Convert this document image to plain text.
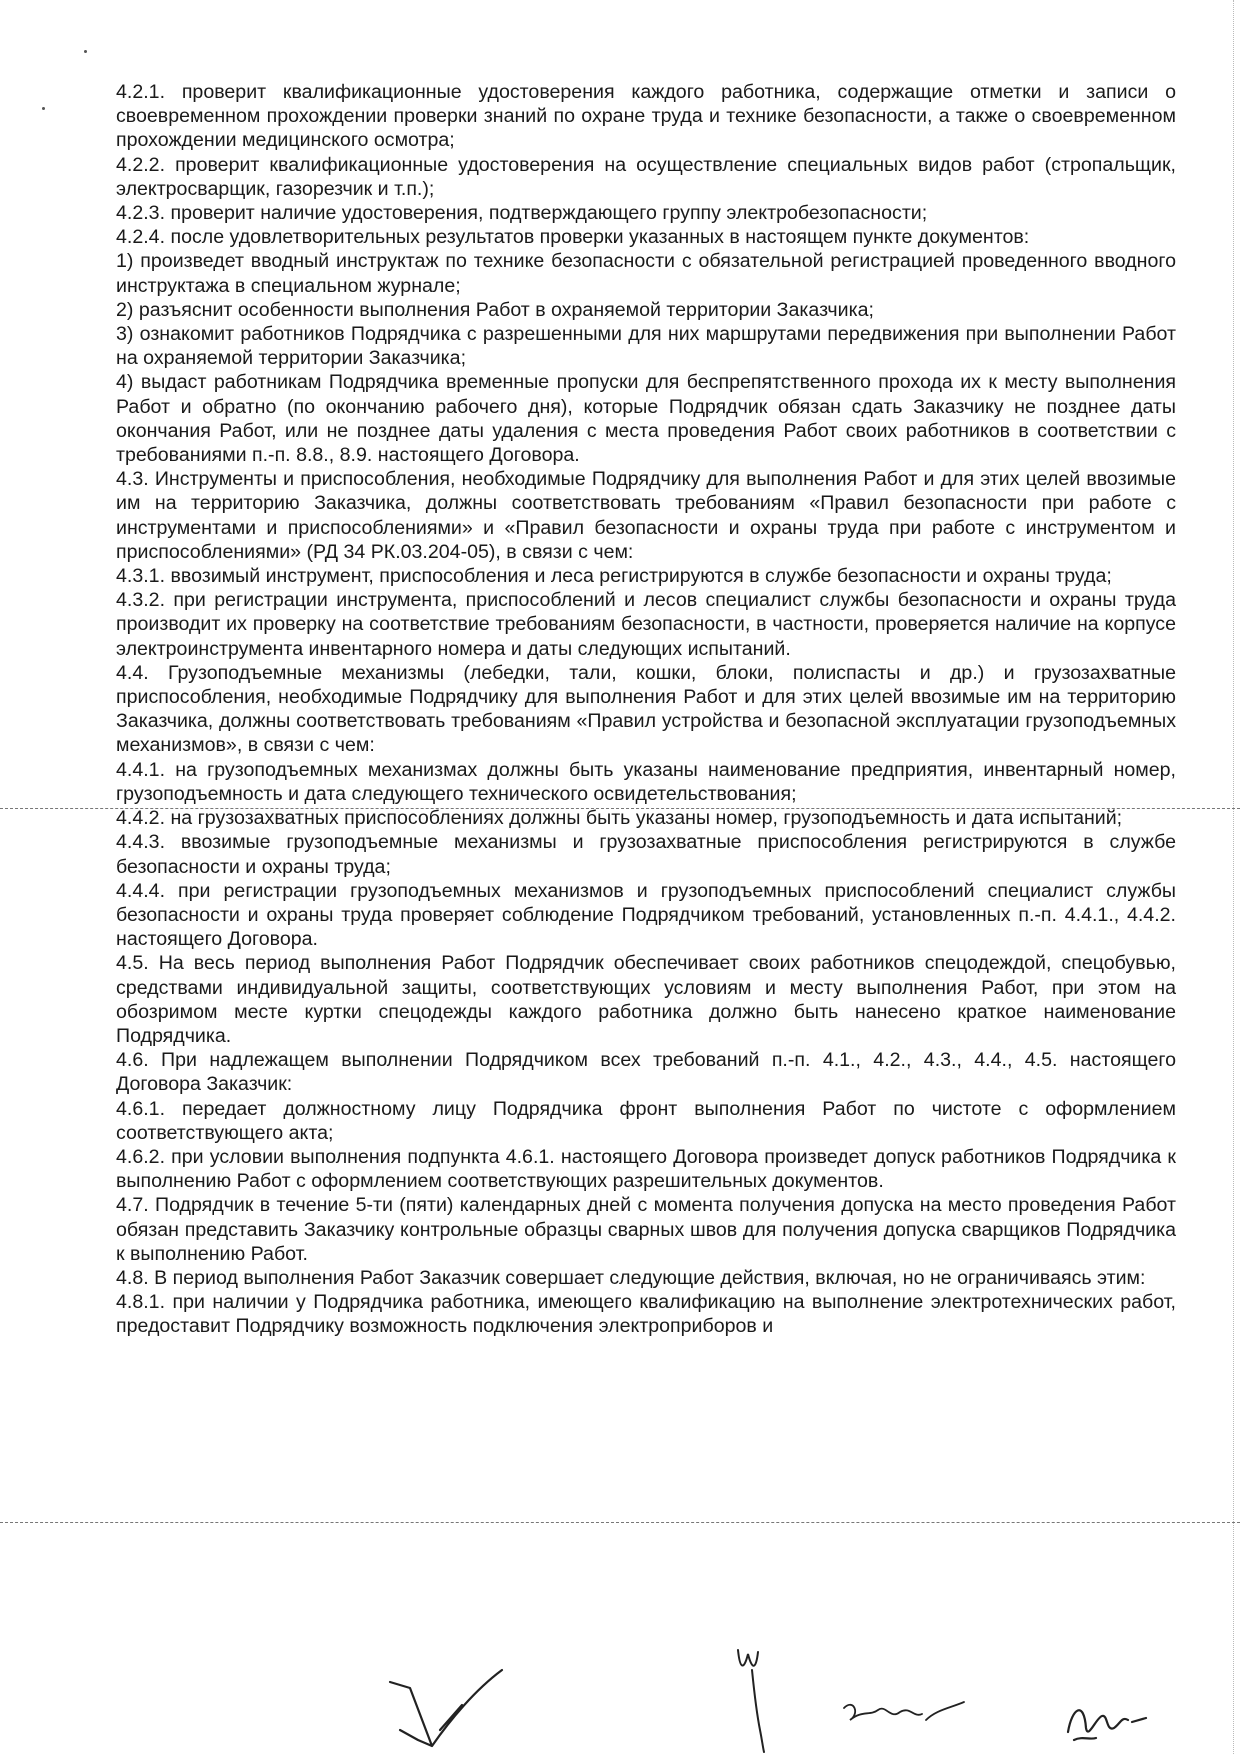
4.2.1. проверит квалификационные удостоверения каждого работника, содержащие отметки и записи о своевременном прохождении проверки знаний по охране труда и технике безопасности, а также о своевременном прохождении медицинского осмотра;

4.2.2. проверит квалификационные удостоверения на осуществление специальных видов работ (стропальщик, электросварщик, газорезчик и т.п.);

4.2.3. проверит наличие удостоверения, подтверждающего группу электробезопасности;

4.2.4. после удовлетворительных результатов проверки указанных в настоящем пункте документов:

1) произведет вводный инструктаж по технике безопасности с обязательной регистрацией проведенного вводного инструктажа в специальном журнале;

2) разъяснит особенности выполнения Работ в охраняемой территории Заказчика;

3) ознакомит работников Подрядчика с разрешенными для них маршрутами передвижения при выполнении Работ на охраняемой территории Заказчика;

4) выдаст работникам Подрядчика временные пропуски для беспрепятственного прохода их к месту выполнения Работ и обратно (по окончанию рабочего дня), которые Подрядчик обязан сдать Заказчику не позднее даты окончания Работ, или не позднее даты удаления с места проведения Работ своих работников в соответствии с требованиями п.-п. 8.8., 8.9. настоящего Договора.

4.3. Инструменты и приспособления, необходимые Подрядчику для выполнения Работ и для этих целей ввозимые им на территорию Заказчика, должны соответствовать требованиям «Правил безопасности при работе с инструментами и приспособлениями» и «Правил безопасности и охраны труда при работе с инструментом и приспособлениями» (РД 34 РК.03.204-05), в связи с чем:

4.3.1. ввозимый инструмент, приспособления и леса регистрируются в службе безопасности и охраны труда;

4.3.2. при регистрации инструмента, приспособлений и лесов специалист службы безопасности и охраны труда производит их проверку на соответствие требованиям безопасности, в частности, проверяется наличие на корпусе электроинструмента инвентарного номера и даты следующих испытаний.

4.4. Грузоподъемные механизмы (лебедки, тали, кошки, блоки, полиспасты и др.) и грузозахватные приспособления, необходимые Подрядчику для выполнения Работ и для этих целей ввозимые им на территорию Заказчика, должны соответствовать требованиям «Правил устройства и безопасной эксплуатации грузоподъемных механизмов», в связи с чем:

4.4.1. на грузоподъемных механизмах должны быть указаны наименование предприятия, инвентарный номер, грузоподъемность и дата следующего технического освидетельствования;

4.4.2. на грузозахватных приспособлениях должны быть указаны номер, грузоподъемность и дата испытаний;

4.4.3. ввозимые грузоподъемные механизмы и грузозахватные приспособления регистрируются в службе безопасности и охраны труда;

4.4.4. при регистрации грузоподъемных механизмов и грузоподъемных приспособлений специалист службы безопасности и охраны труда проверяет соблюдение Подрядчиком требований, установленных п.-п. 4.4.1., 4.4.2. настоящего Договора.

4.5. На весь период выполнения Работ Подрядчик обеспечивает своих работников спецодеждой, спецобувью, средствами индивидуальной защиты, соответствующих условиям и месту выполнения Работ, при этом на обозримом месте куртки спецодежды каждого работника должно быть нанесено краткое наименование Подрядчика.

4.6. При надлежащем выполнении Подрядчиком всех требований п.-п. 4.1., 4.2., 4.3., 4.4., 4.5. настоящего Договора Заказчик:

4.6.1. передает должностному лицу Подрядчика фронт выполнения Работ по чистоте с оформлением соответствующего акта;

4.6.2. при условии выполнения подпункта 4.6.1. настоящего Договора произведет допуск работников Подрядчика к выполнению Работ с оформлением соответствующих разрешительных документов.

4.7. Подрядчик в течение 5-ти (пяти) календарных дней с момента получения допуска на место проведения Работ обязан представить Заказчику контрольные образцы сварных швов для получения допуска сварщиков Подрядчика к выполнению Работ.

4.8. В период выполнения Работ Заказчик совершает следующие действия, включая, но не ограничиваясь этим:

4.8.1. при наличии у Подрядчика работника, имеющего квалификацию на выполнение электротехнических работ, предоставит Подрядчику возможность подключения электроприборов и
